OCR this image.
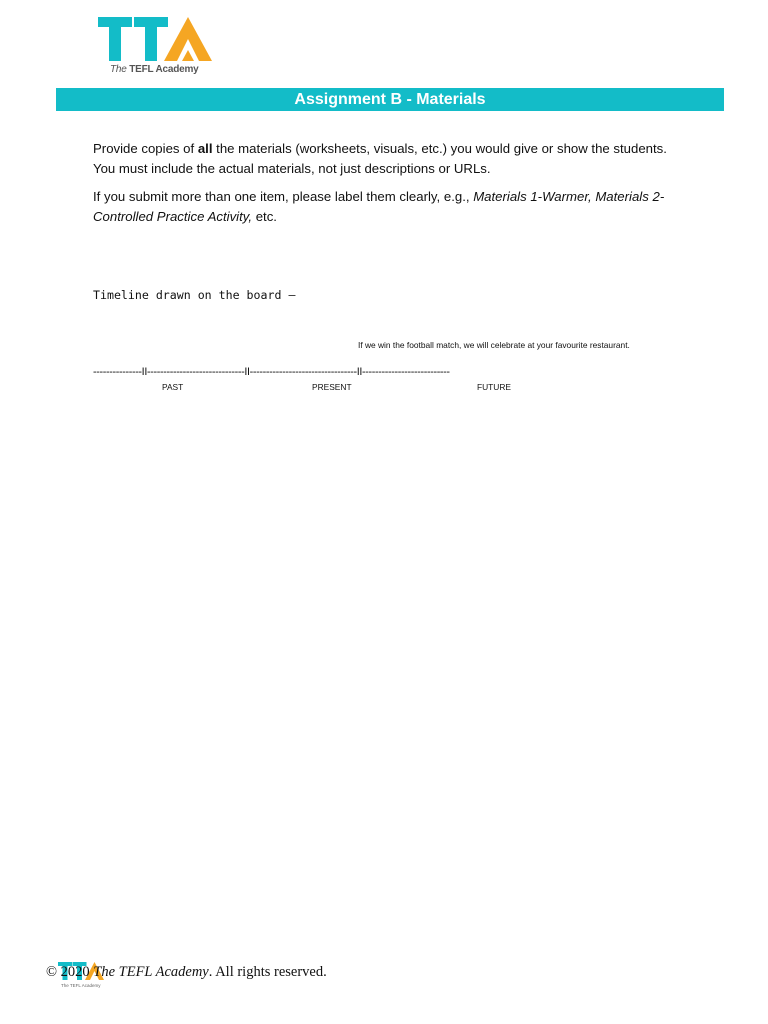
The TEFL Academy
Assignment B - Materials
Provide copies of all the materials (worksheets, visuals, etc.) you would give or show the students. You must include the actual materials, not just descriptions or URLs.
If you submit more than one item, please label them clearly, e.g., Materials 1-Warmer, Materials 2- Controlled Practice Activity, etc.
Timeline drawn on the board –
If we win the football match, we will celebrate at your favourite restaurant.
---------------II------------------------------II---------------------------------II---------------------------
PAST	PRESENT	FUTURE
The TEFL Academy
© 2020 The TEFL Academy. All rights reserved.
